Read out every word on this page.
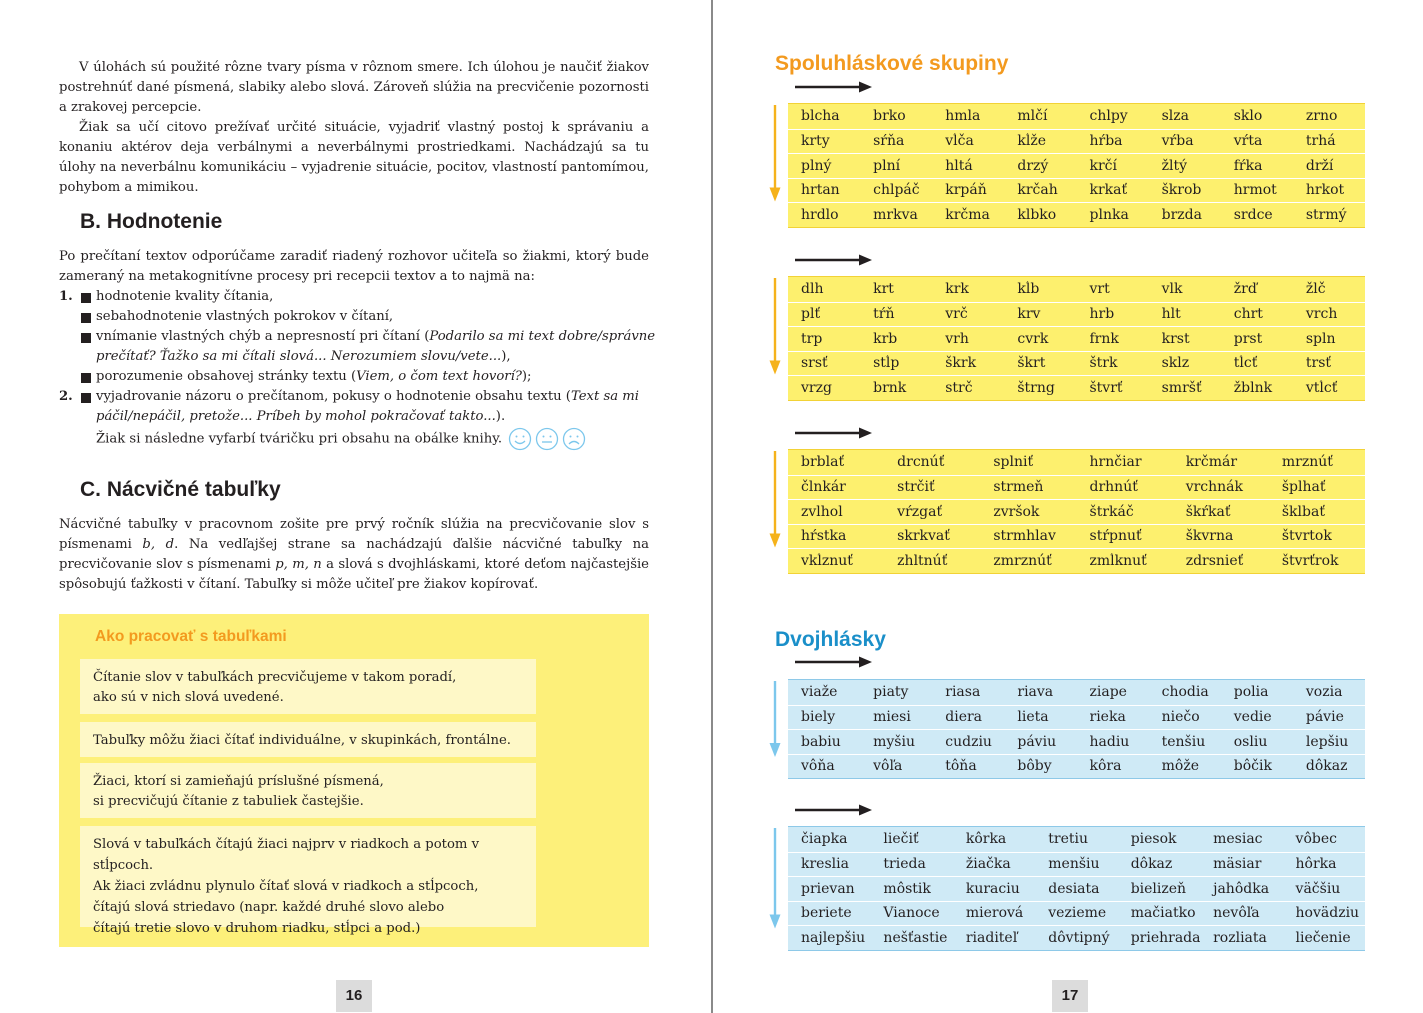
V úlohách sú použité rôzne tvary písma v rôznom smere. Ich úlohou je naučiť žiakov postrehnúť dané písmená, slabiky alebo slová. Zároveň slúžia na precvičenie pozornosti a zrakovej percepcie.
Žiak sa učí citovo prežívať určité situácie, vyjadriť vlastný postoj k správaniu a konaniu aktérov deja verbálnymi a neverbálnymi prostriedkami. Nachádzajú sa tu úlohy na neverbálnu komunikáciu – vyjadrenie situácie, pocitov, vlastností pantomímou, pohybom a mimikou.
B. Hodnotenie
Po prečítaní textov odporúčame zaradiť riadený rozhovor učiteľa so žiakmi, ktorý bude zameraný na metakognitívne procesy pri recepcii textov a to najmä na:
1. hodnotenie kvality čítania,
sebahodnotenie vlastných pokrokov v čítaní,
vnímanie vlastných chýb a nepresností pri čítaní (Podarilo sa mi text dobre/správne prečítať? Ťažko sa mi čítali slová... Nerozumiem slovu/vete...),
porozumenie obsahovej stránky textu (Viem, o čom text hovorí?);
2. vyjadrovanie názoru o prečítanom, pokusy o hodnotenie obsahu textu (Text sa mi páčil/nepáčil, pretože... Príbeh by mohol pokračovať takto...).
Žiak si následne vyfarbí tváričku pri obsahu na obálke knihy.
C. Nácvičné tabuľky
Nácvičné tabuľky v pracovnom zošite pre prvý ročník slúžia na precvičovanie slov s písmenami b, d. Na vedľajšej strane sa nachádzajú ďalšie nácvičné tabuľky na precvičovanie slov s písmenami p, m, n a slová s dvojhláskami, ktoré deťom najčastejšie spôsobujú ťažkosti v čítaní. Tabuľky si môže učiteľ pre žiakov kopírovať.
Ako pracovať s tabuľkami
Čítanie slov v tabuľkách precvičujeme v takom poradí,
ako sú v nich slová uvedené.
Tabuľky môžu žiaci čítať individuálne, v skupinkách, frontálne.
Žiaci, ktorí si zamieňajú príslušné písmená,
si precvičujú čítanie z tabuliek častejšie.
Slová v tabuľkách čítajú žiaci najprv v riadkoch a potom v stĺpcoch.
Ak žiaci zvládnu plynulo čítať slová v riadkoch a stĺpcoch,
čítajú slová striedavo (napr. každé druhé slovo alebo
čítajú tretie slovo v druhom riadku, stĺpci a pod.)
16
Spoluhláskové skupiny
Dvojhlásky
blcha	brko	hmla	mlčí	chlpy	slza	sklo	zrno
krty	sŕňa	vĺča	kĺže	hŕba	vŕba	vŕta	trhá
plný	plní	hltá	drzý	krčí	žltý	fŕka	drží
hrtan	chlpáč	krpáň	krčah	krkať	škrob	hrmot	hrkot
hrdlo	mrkva	krčma	klbko	plnka	brzda	srdce	strmý
dlh	krt	krk	kĺb	vrt	vlk	žrď	žlč
plť	tŕň	vrč	krv	hrb	hlt	chrt	vrch
trp	krb	vrh	cvrk	frnk	krst	prst	spln
srsť	stĺp	škrk	škrt	štrk	sklz	tĺcť	trsť
vrzg	brnk	strč	štrng	štvrť	smršť	žblnk	vtĺcť
brblať	drcnúť	splniť	hrnčiar	krčmár	mrznúť
člnkár	strčiť	strmeň	drhnúť	vrchnák	šplhať
zvlhol	vŕzgať	zvršok	štrkáč	škŕkať	šklbať
hŕstka	skrkvať	strmhlav	stŕpnuť	škvrna	štvrtok
vkĺznuť	zhltnúť	zmrznúť	zmĺknuť	zdrsnieť	štvrťrok
viaže	piaty	riasa	riava	ziape	chodia	polia	vozia
biely	miesi	diera	lieta	rieka	niečo	vedie	pávie
babiu	myšiu	cudziu	páviu	hadiu	tenšiu	osliu	lepšiu
vôňa	vôľa	tôňa	bôby	kôra	môže	bôčik	dôkaz
čiapka	liečiť	kôrka	tretiu	piesok	mesiac	vôbec
kreslia	trieda	žiačka	menšiu	dôkaz	mäsiar	hôrka
prievan	môstik	kuraciu	desiata	bielizeň	jahôdka	väčšiu
beriete	Vianoce	mierová	vezieme	mačiatko	nevôľa	hovädziu
najlepšiu	nešťastie	riaditeľ	dôvtipný	priehrada rozliata	liečenie
17
